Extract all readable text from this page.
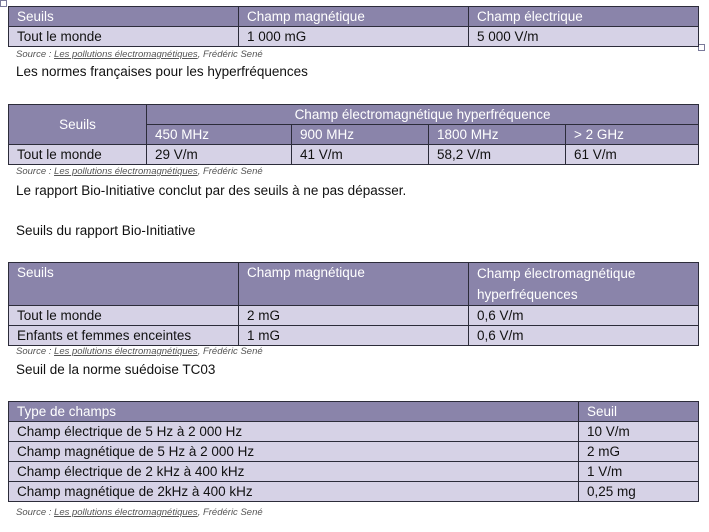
Seuils	Champ magnétique	Champ électrique
Tout le monde	1 000 mG	5 000 V/m
Source : Les pollutions électromagnétiques, Frédéric Sené
Les normes françaises pour les hyperfréquences
Seuils	Champ électromagnétique hyperfréquence			
	450 MHz	900 MHz	1800 MHz	> 2 GHz
Tout le monde	29 V/m	41 V/m	58,2 V/m	61 V/m
Source : Les pollutions électromagnétiques, Frédéric Sené
Le rapport Bio-Initiative conclut par des seuils à ne pas dépasser.
Seuils du rapport Bio-Initiative
Seuils	Champ magnétique	Champ électromagnétique
hyperfréquences

Tout le monde	2 mG	0,6 V/m
Enfants et femmes enceintes	1 mG	0,6 V/m
Source : Les pollutions électromagnétiques, Frédéric Sené
Seuil de la norme suédoise TC03
Type de champs	Seuil
Champ électrique de 5 Hz à 2 000 Hz	10 V/m
Champ magnétique de 5 Hz à 2 000 Hz	2 mG
Champ électrique de 2 kHz à 400 kHz	1 V/m
Champ magnétique de 2kHz à 400 kHz	0,25 mg
Source : Les pollutions électromagnétiques, Frédéric Sené
